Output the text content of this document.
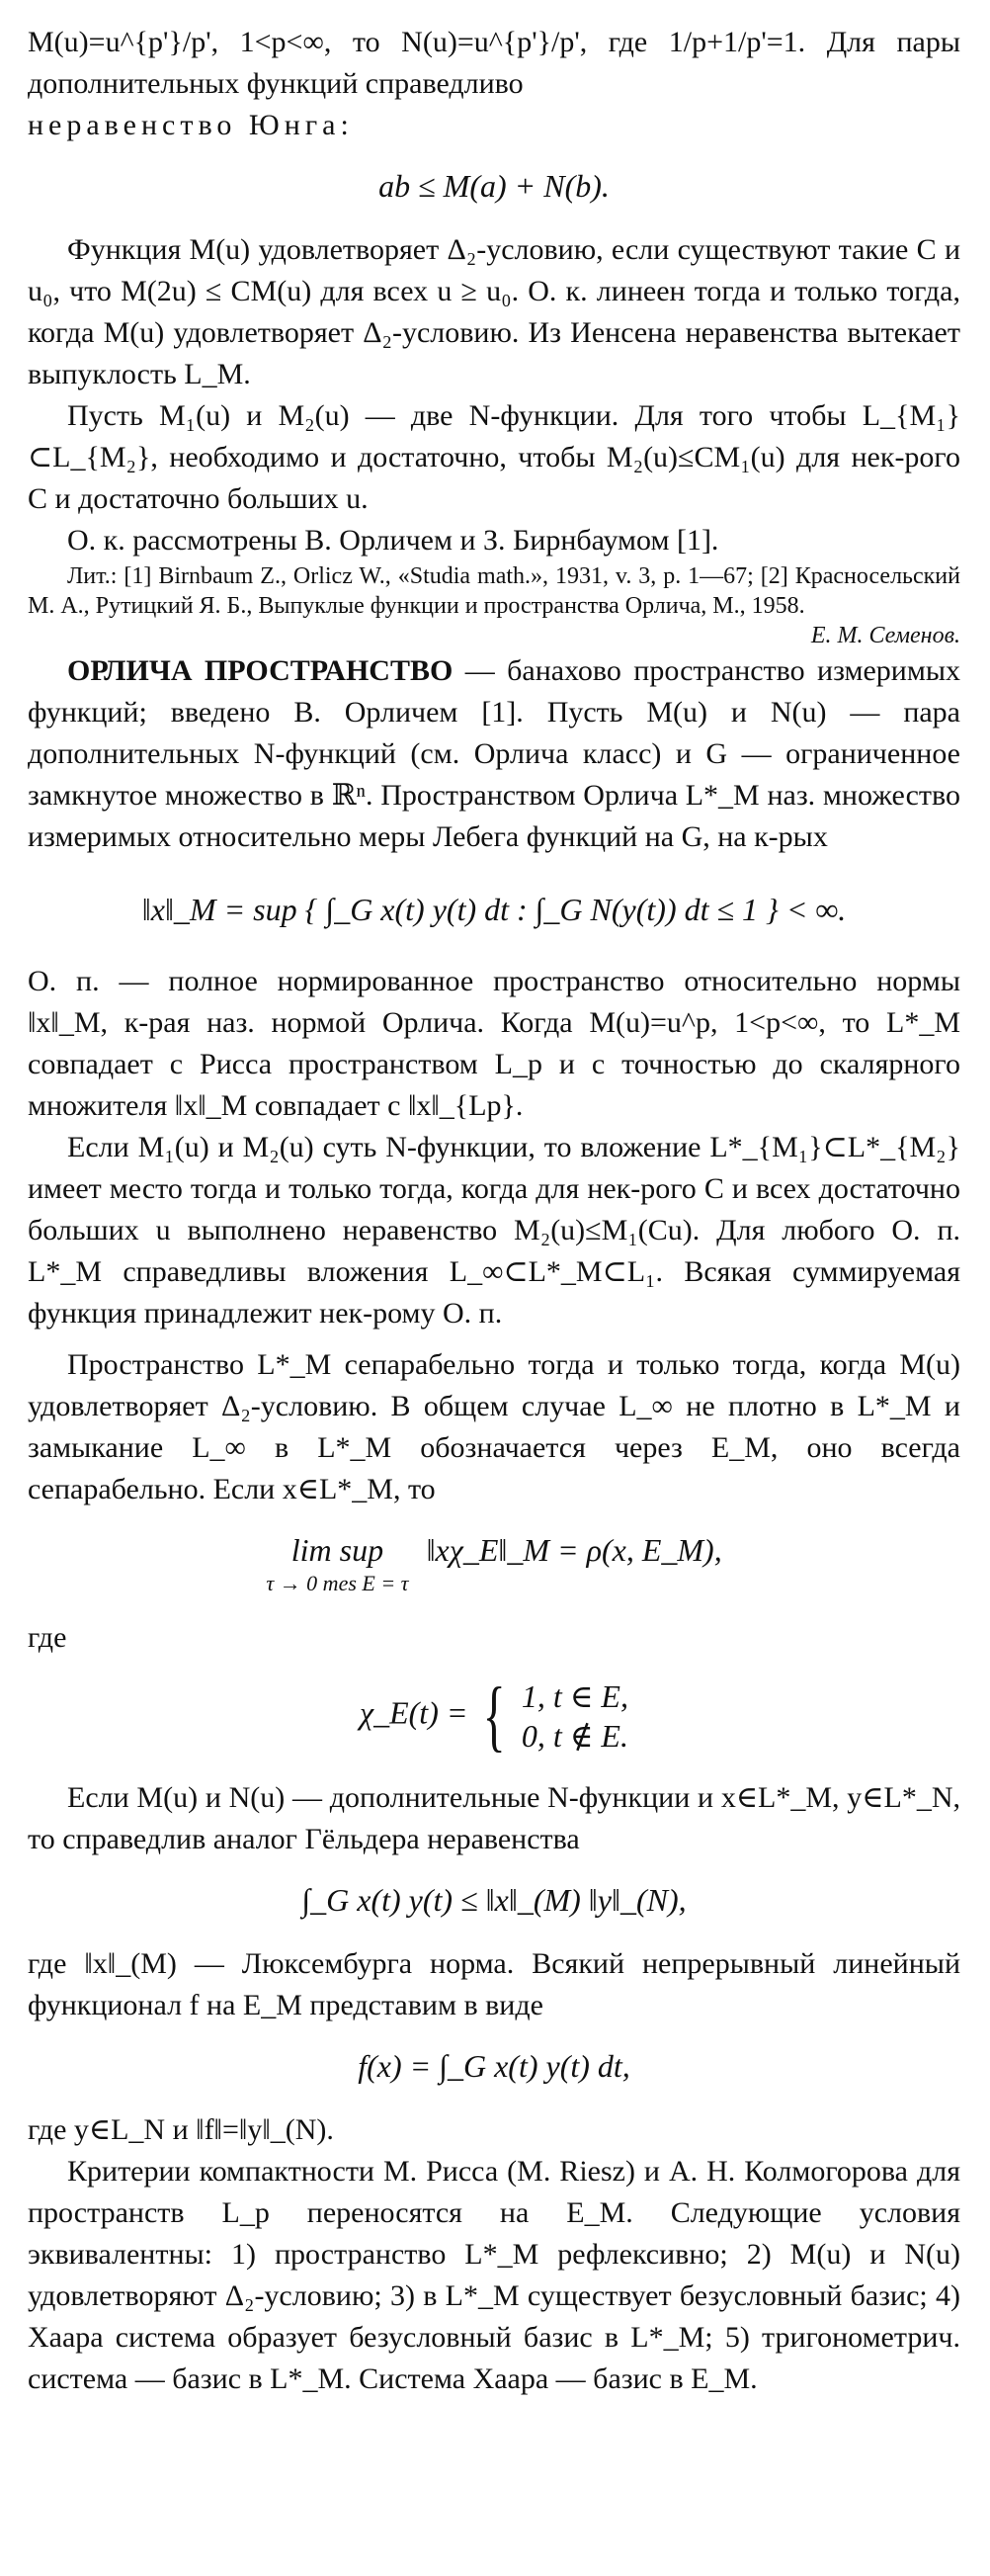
M(u)=u^{p'}/p', 1<p<∞, то N(u)=u^{p'}/p', где 1/p+1/p'=1. Для пары дополнительных функций справедливо

неравенство Юнга:

ab ≤ M(a) + N(b).

Функция M(u) удовлетворяет Δ₂-условию, если существуют такие C и u₀, что M(2u) ≤ CM(u) для всех u ≥ u₀. О. к. линеен тогда и только тогда, когда M(u) удовлетворяет Δ₂-условию. Из Иенсена неравенства вытекает выпуклость L_M.

Пусть M₁(u) и M₂(u) — две N-функции. Для того чтобы L_{M₁}⊂L_{M₂}, необходимо и достаточно, чтобы M₂(u)≤CM₁(u) для нек-рого C и достаточно больших u.

О. к. рассмотрены В. Орличем и З. Бирнбаумом [1].

Лит.: [1] Birnbaum Z., Orlicz W., «Studia math.», 1931, v. 3, p. 1—67; [2] Красносельский М. А., Рутицкий Я. Б., Выпуклые функции и пространства Орлича, М., 1958.

Е. М. Семенов.

ОРЛИЧА ПРОСТРАНСТВО — банахово пространство измеримых функций; введено В. Орличем [1]. Пусть M(u) и N(u) — пара дополнительных N-функций (см. Орлича класс) и G — ограниченное замкнутое множество в ℝⁿ. Пространством Орлича L*_M наз. множество измеримых относительно меры Лебега функций на G, на к-рых

‖x‖_M = sup { ∫_G x(t) y(t) dt : ∫_G N(y(t)) dt ≤ 1 } < ∞.

О. п. — полное нормированное пространство относительно нормы ‖x‖_M, к-рая наз. нормой Орлича. Когда M(u)=u^p, 1<p<∞, то L*_M совпадает с Рисса пространством L_p и с точностью до скалярного множителя ‖x‖_M совпадает с ‖x‖_{Lp}.

Если M₁(u) и M₂(u) суть N-функции, то вложение L*_{M₁}⊂L*_{M₂} имеет место тогда и только тогда, когда для нек-рого C и всех достаточно больших u выполнено неравенство M₂(u)≤M₁(Cu). Для любого О. п. L*_M справедливы вложения L_∞⊂L*_M⊂L₁. Всякая суммируемая функция принадлежит нек-рому О. п.

Пространство L*_M сепарабельно тогда и только тогда, когда M(u) удовлетворяет Δ₂-условию. В общем случае L_∞ не плотно в L*_M и замыкание L_∞ в L*_M обозначается через E_M, оно всегда сепарабельно. Если x∈L*_M, то

lim sup
τ → 0 mes E = τ
‖xχ_E‖_M = ρ(x, E_M),

где

χ_E(t) = { 1, t ∈ E,
0, t ∉ E.

Если M(u) и N(u) — дополнительные N-функции и x∈L*_M, y∈L*_N, то справедлив аналог Гёльдера неравенства

∫_G x(t) y(t) ≤ ‖x‖_(M) ‖y‖_(N),

где ‖x‖_(M) — Люксембурга норма. Всякий непрерывный линейный функционал f на E_M представим в виде

f(x) = ∫_G x(t) y(t) dt,

где y∈L_N и ‖f‖=‖y‖_(N).

Критерии компактности М. Рисса (M. Riesz) и А. Н. Колмогорова для пространств L_p переносятся на E_M. Следующие условия эквивалентны: 1) пространство L*_M рефлексивно; 2) M(u) и N(u) удовлетворяют Δ₂-условию; 3) в L*_M существует безусловный базис; 4) Хаара система образует безусловный базис в L*_M; 5) тригонометрич. система — базис в L*_M. Система Хаара — базис в E_M.
